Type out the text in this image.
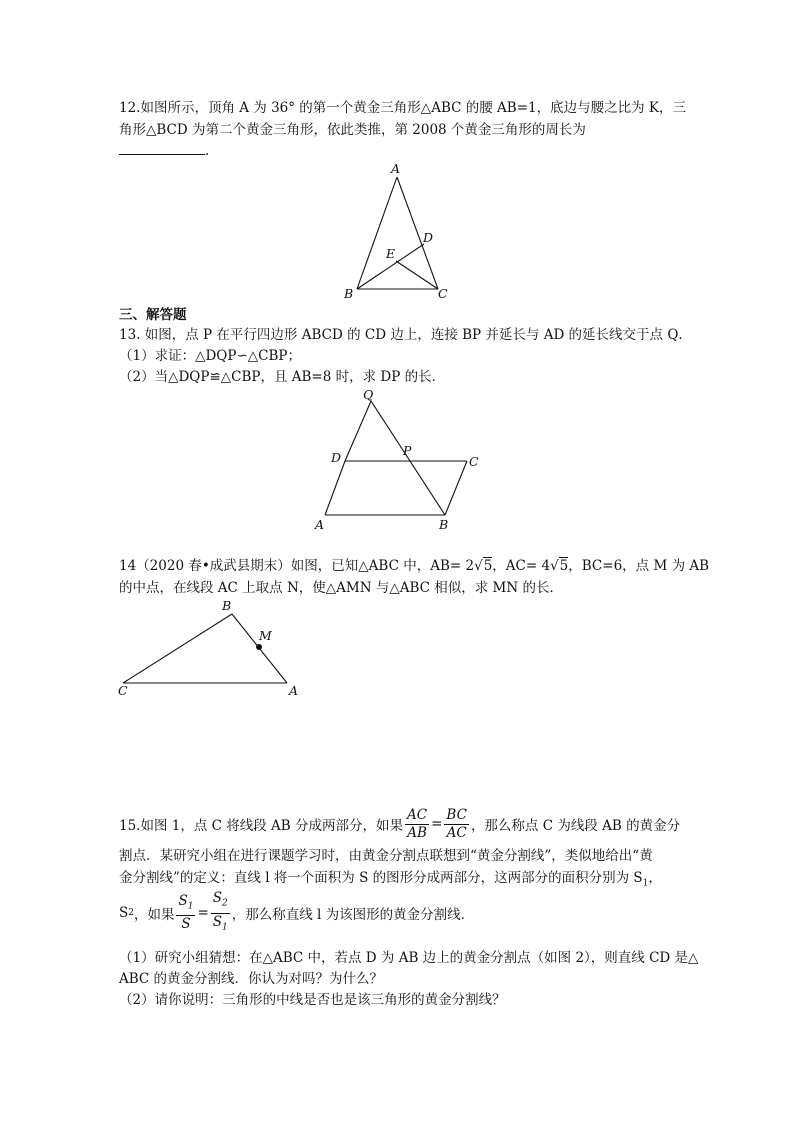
12.如图所示，顶角 A 为 36° 的第一个黄金三角形△ABC 的腰 AB=1，底边与腰之比为 K，三
角形△BCD 为第二个黄金三角形，依此类推，第 2008 个黄金三角形的周长为
.
A
B	C
D
E
三、解答题
13. 如图，点 P 在平行四边形 ABCD 的 CD 边上，连接 BP 并延长与 AD 的延长线交于点 Q．
（1）求证：△DQP∽△CBP；
（2）当△DQP≌△CBP，且 AB=8 时，求 DP 的长．
Q
D	P
C
A	B
14（2020 春•成武县期末）如图，已知△ABC 中，AB= 2√5，AC= 4√5，BC=6，点 M 为 AB
的中点，在线段 AC 上取点 N，使△AMN 与△ABC 相似，求 MN 的长．
B
M
C	A
15.如图 1，点 C 将线段 AB 分成两部分，如果 $\frac{AC}{AB} = \frac{BC}{AC}$ ，那么称点 C 为线段 AB 的黄金分
割点．某研究小组在进行课题学习时，由黄金分割点联想到“黄金分割线”，类似地给出“黄
金分割线”的定义：直线 l 将一个面积为 S 的图形分成两部分，这两部分的面积分别为 $S_1$，
S 2 ，如果 $\frac{S_1}{S} = \frac{S_2}{S_1}$ ，那么称直线 l 为该图形的黄金分割线．
（1）研究小组猜想：在△ABC 中，若点 D 为 AB 边上的黄金分割点（如图 2），则直线 CD 是△
ABC 的黄金分割线．你认为对吗？为什么？
（2）请你说明：三角形的中线是否也是该三角形的黄金分割线？
